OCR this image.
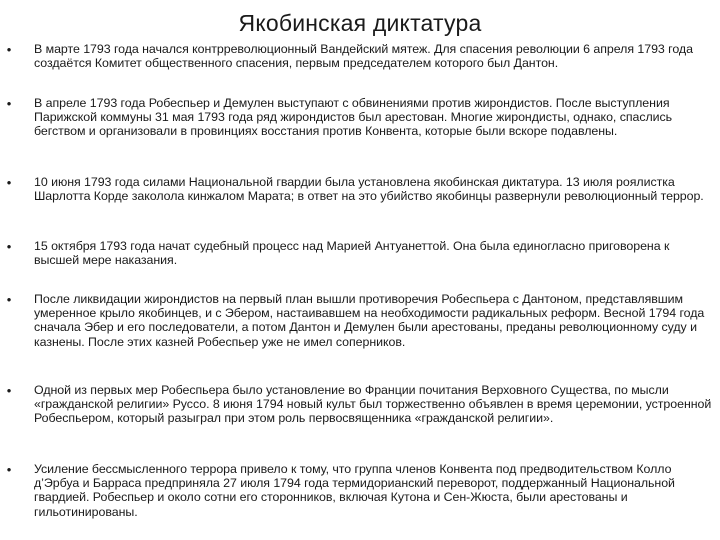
Якобинская диктатура
• В марте 1793 года начался контрреволюционный Вандейский мятеж. Для спасения революции 6 апреля 1793 года создаётся Комитет общественного спасения, первым председателем которого был Дантон.
• В апреле 1793 года Робеспьер и Демулен выступают с обвинениями против жирондистов. После выступления Парижской коммуны 31 мая 1793 года ряд жирондистов был арестован. Многие жирондисты, однако, спаслись бегством и организовали в провинциях восстания против Конвента, которые были вскоре подавлены.
• 10 июня 1793 года силами Национальной гвардии была установлена якобинская диктатура. 13 июля роялистка Шарлотта Корде заколола кинжалом Марата; в ответ на это убийство якобинцы развернули революционный террор.
• 15 октября 1793 года начат судебный процесс над Марией Антуанеттой. Она была единогласно приговорена к высшей мере наказания.
• После ликвидации жирондистов на первый план вышли противоречия Робеспьера с Дантоном, представлявшим умеренное крыло якобинцев, и с Эбером, настаивавшем на необходимости радикальных реформ. Весной 1794 года сначала Эбер и его последователи, а потом Дантон и Демулен были арестованы, преданы революционному суду и казнены. После этих казней Робеспьер уже не имел соперников.
• Одной из первых мер Робеспьера было установление во Франции почитания Верховного Существа, по мысли «гражданской религии» Руссо. 8 июня 1794 новый культ был торжественно объявлен в время церемонии, устроенной Робеспьером, который разыграл при этом роль первосвященника «гражданской религии».
• Усиление бессмысленного террора привело к тому, что группа членов Конвента под предводительством Колло д’Эрбуа и Барраса предприняла 27 июля 1794 года термидорианский переворот, поддержанный Национальной гвардией. Робеспьер и около сотни его сторонников, включая Кутона и Сен-Жюста, были арестованы и гильотинированы.
